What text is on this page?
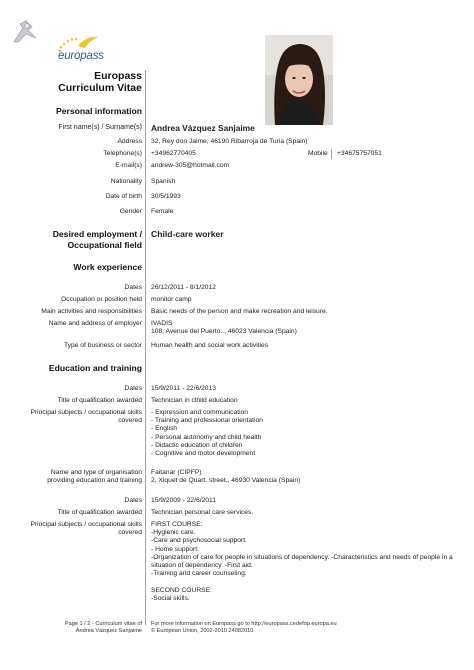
europass
Europass
Curriculum Vitae
Personal information
First name(s) / Surname(s) Andrea Vázquez Sanjaime
Address 32, Rey don Jaime, 46190 Ribarroja de Turia (Spain)
Telephone(s) +34962770405	Mobile +34675757051
E-mail(s) andrew-305@hotmail.com
Nationality Spanish
Date of birth 30/5/1993
Gender Female
Desired employment /
Occupational field
Child-care worker
Work experience
Dates 26/12/2011 - 8/1/2012
Occupation or position held monitor camp
Main activities and responsibilities Basic needs of the person and make recreation and leisure.
Name and address of employer IVADIS
108, Avenue del Puerto.., 46023 Valencia (Spain)
Type of business or sector Human health and social work activities
Education and training
Dates 15/9/2011 - 22/6/2013
Title of qualification awarded Technician in clhild education
Principal subjects / occupational skills
covered
- Expression and communication
- Training and professional orientation
- English
- Personal autonomy and child health
- Didactic education of children
- Cognitive and motor development
Name and type of organisation
providing education and training
Faitanar (CIPFP)
2, Xiquet de Quart. street., 46930 Valencia (Spain)
Dates 15/9/2009 - 22/6/2011
Title of qualification awarded Technician personal care services.
Principal subjects / occupational skills
covered
FIRST COURSE:
-Hygienic care.
-Care and psychosocial support.
- Home support.
-Organization of care for people in situations of dependency. -Characteristics and needs of people in a
situation of dependency. -First aid.
-Training and career counseling.
SECOND COURSE:
-Social skills.
Page 1 / 2 - Curriculum vitae of
Andrea Vázquez Sanjaime
For more information on Europass go to http://europass.cedefop.europa.eu
© European Union, 2002-2010 24082010
